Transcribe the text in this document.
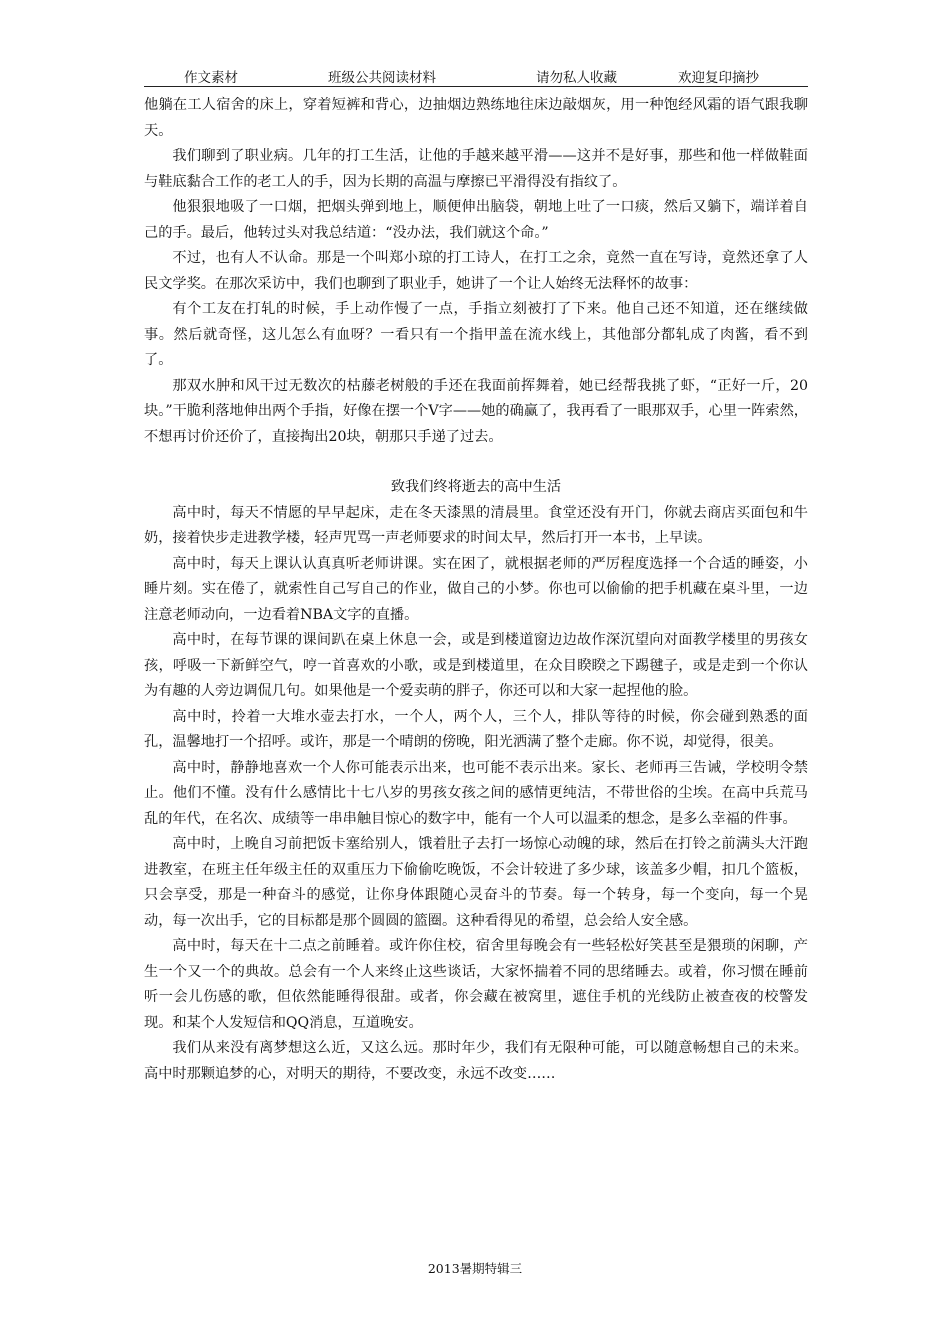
作文素材	班级公共阅读材料	请勿私人收藏	欢迎复印摘抄

他躺在工人宿舍的床上，穿着短裤和背心，边抽烟边熟练地往床边敲烟灰，用一种饱经风霜的语气跟我聊天。

我们聊到了职业病。几年的打工生活，让他的手越来越平滑——这并不是好事，那些和他一样做鞋面与鞋底黏合工作的老工人的手，因为长期的高温与摩擦已平滑得没有指纹了。

他狠狠地吸了一口烟，把烟头弹到地上，顺便伸出脑袋，朝地上吐了一口痰，然后又躺下，端详着自己的手。最后，他转过头对我总结道：“没办法，我们就这个命。”

不过，也有人不认命。那是一个叫郑小琼的打工诗人，在打工之余，竟然一直在写诗，竟然还拿了人民文学奖。在那次采访中，我们也聊到了职业手，她讲了一个让人始终无法释怀的故事：

有个工友在打轧的时候，手上动作慢了一点，手指立刻被打了下来。他自己还不知道，还在继续做事。然后就奇怪，这儿怎么有血呀？一看只有一个指甲盖在流水线上，其他部分都轧成了肉酱，看不到了。

那双水肿和风干过无数次的枯藤老树般的手还在我面前挥舞着，她已经帮我挑了虾，“正好一斤，20块。”干脆利落地伸出两个手指，好像在摆一个V字——她的确赢了，我再看了一眼那双手，心里一阵索然，不想再讨价还价了，直接掏出20块，朝那只手递了过去。

致我们终将逝去的高中生活

高中时，每天不情愿的早早起床，走在冬天漆黑的清晨里。食堂还没有开门，你就去商店买面包和牛奶，接着快步走进教学楼，轻声咒骂一声老师要求的时间太早，然后打开一本书，上早读。

高中时，每天上课认认真真听老师讲课。实在困了，就根据老师的严厉程度选择一个合适的睡姿，小睡片刻。实在倦了，就索性自己写自己的作业，做自己的小梦。你也可以偷偷的把手机藏在桌斗里，一边注意老师动向，一边看着NBA文字的直播。

高中时，在每节课的课间趴在桌上休息一会，或是到楼道窗边边故作深沉望向对面教学楼里的男孩女孩，呼吸一下新鲜空气，哼一首喜欢的小歌，或是到楼道里，在众目睽睽之下踢毽子，或是走到一个你认为有趣的人旁边调侃几句。如果他是一个爱卖萌的胖子，你还可以和大家一起捏他的脸。

高中时，拎着一大堆水壶去打水，一个人，两个人，三个人，排队等待的时候，你会碰到熟悉的面孔，温馨地打一个招呼。或许，那是一个晴朗的傍晚，阳光洒满了整个走廊。你不说，却觉得，很美。

高中时，静静地喜欢一个人你可能表示出来，也可能不表示出来。家长、老师再三告诫，学校明令禁止。他们不懂。没有什么感情比十七八岁的男孩女孩之间的感情更纯洁，不带世俗的尘埃。在高中兵荒马乱的年代，在名次、成绩等一串串触目惊心的数字中，能有一个人可以温柔的想念，是多么幸福的件事。

高中时，上晚自习前把饭卡塞给别人，饿着肚子去打一场惊心动魄的球，然后在打铃之前满头大汗跑进教室，在班主任年级主任的双重压力下偷偷吃晚饭，不会计较进了多少球，该盖多少帽，扣几个篮板，只会享受，那是一种奋斗的感觉，让你身体跟随心灵奋斗的节奏。每一个转身，每一个变向，每一个晃动，每一次出手，它的目标都是那个圆圆的篮圈。这种看得见的希望，总会给人安全感。

高中时，每天在十二点之前睡着。或许你住校，宿舍里每晚会有一些轻松好笑甚至是猥琐的闲聊，产生一个又一个的典故。总会有一个人来终止这些谈话，大家怀揣着不同的思绪睡去。或着，你习惯在睡前听一会儿伤感的歌，但依然能睡得很甜。或者，你会藏在被窝里，遮住手机的光线防止被查夜的校警发现。和某个人发短信和QQ消息，互道晚安。

我们从来没有离梦想这么近，又这么远。那时年少，我们有无限种可能，可以随意畅想自己的未来。高中时那颗追梦的心，对明天的期待，不要改变，永远不改变……

2013暑期特辑三
